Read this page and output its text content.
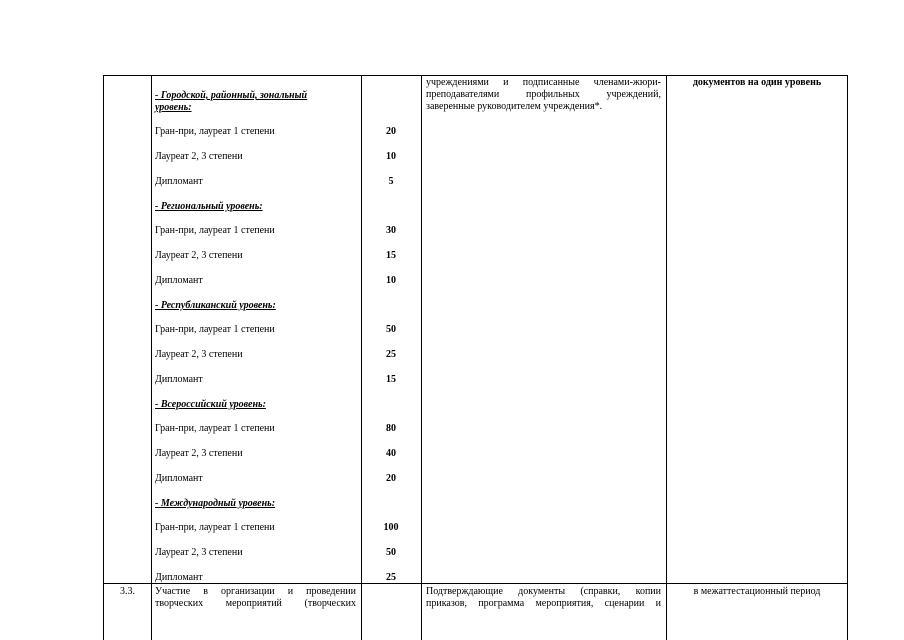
- Городской, районный, зональный
уровень:
Гран-при, лауреат 1 степени
Лауреат 2, 3 степени
Дипломант
- Региональный уровень:
Гран-при, лауреат 1 степени
Лауреат 2, 3 степени
Дипломант
- Республиканский уровень:
Гран-при, лауреат 1 степени
Лауреат 2, 3 степени
Дипломант
- Всероссийский уровень:
Гран-при, лауреат 1 степени
Лауреат 2, 3 степени
Дипломант
- Международный уровень:
Гран-при, лауреат 1 степени
Лауреат 2, 3 степени
Дипломант
20
10
5
30
15
10
50
25
15
80
40
20
100
50
25
учреждениями и подписанные членами-жюри-
преподавателями профильных учреждений,
заверенные руководителем учреждения*.
документов на один уровень
3.3.	Участие в организации и проведении
творческих мероприятий (творческих
Подтверждающие документы (справки, копии
приказов, программа мероприятия, сценарии и
в межаттестационный период
